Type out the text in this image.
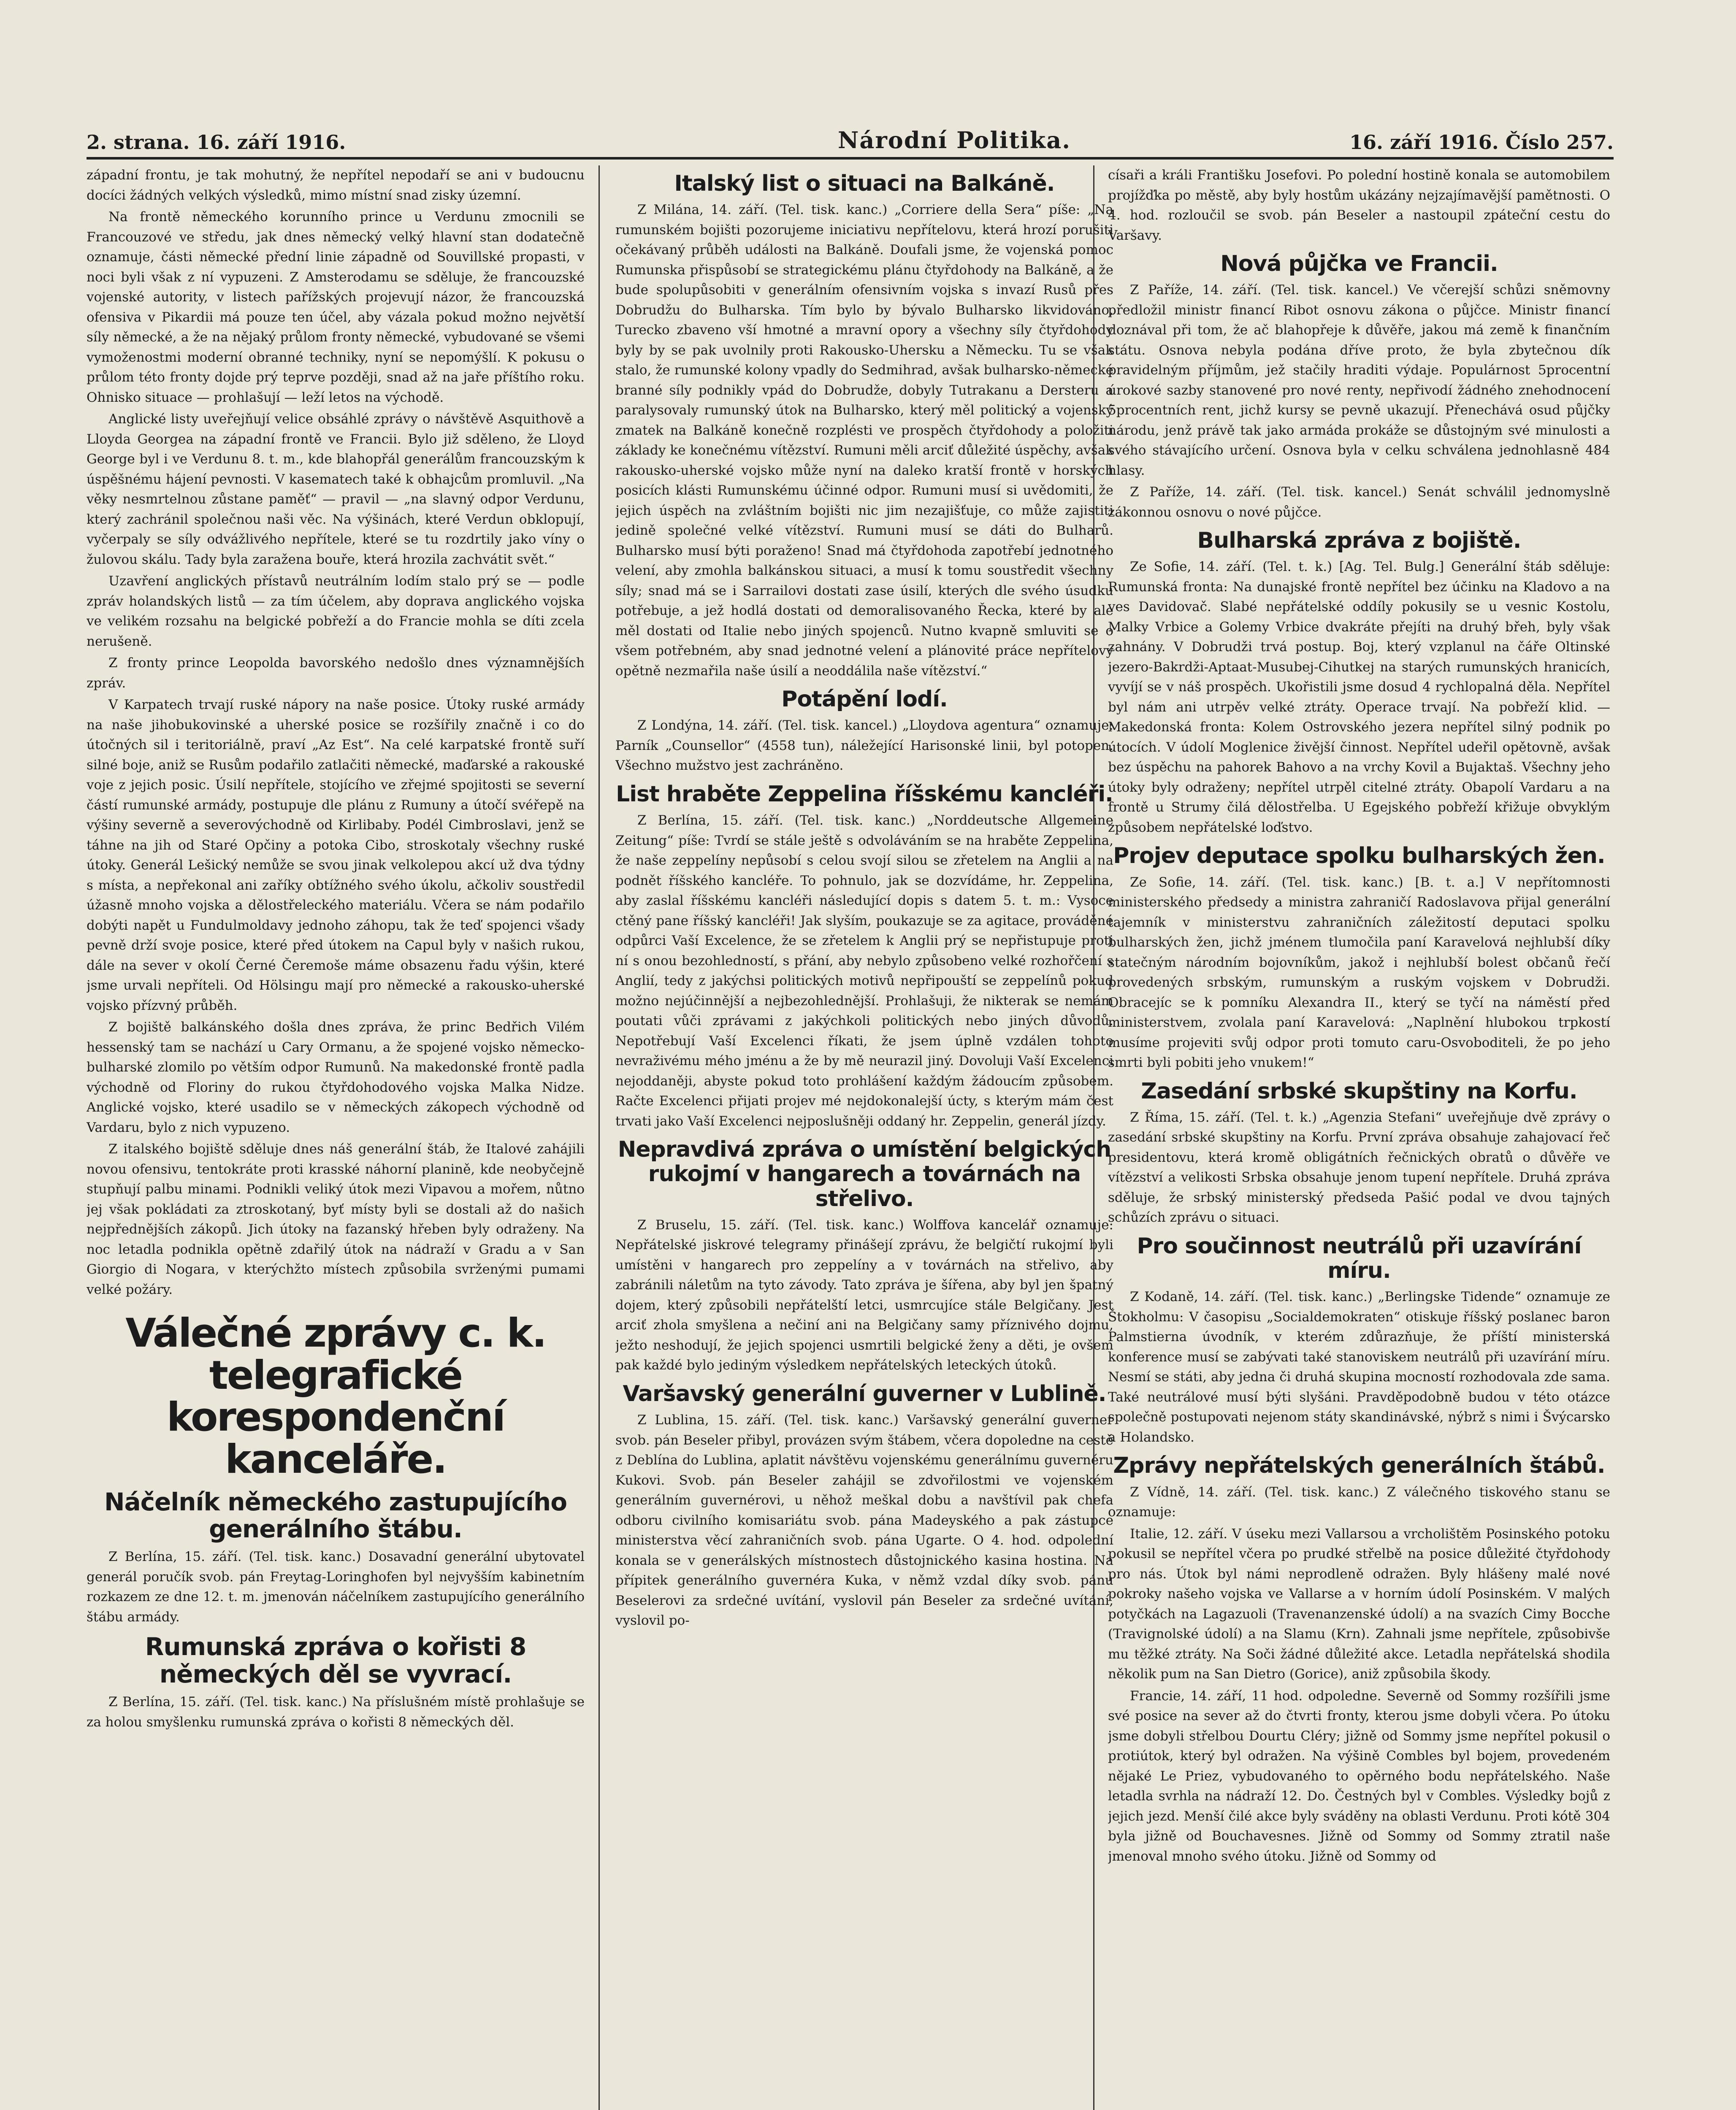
2. strana. 16. září 1916.	Národní Politika.	16. září 1916. Číslo 257.

západní frontu, je tak mohutný, že nepřítel nepodaří se ani v budoucnu docíci žádných velkých výsledků, mimo místní snad zisky územní.

Na frontě německého korunního prince u Verdunu zmocnili se Francouzové ve středu, jak dnes německý velký hlavní stan dodatečně oznamuje, části německé přední linie západně od Souvillské propasti, v noci byli však z ní vypuzeni. Z Amsterodamu se sděluje, že francouzské vojenské autority, v listech pařížských projevují názor, že francouzská ofensiva v Pikardii má pouze ten účel, aby vázala pokud možno největší síly německé, a že na nějaký průlom fronty německé, vybudované se všemi vymoženostmi moderní obranné techniky, nyní se nepomýšlí. K pokusu o průlom této fronty dojde prý teprve později, snad až na jaře příštího roku. Ohnisko situace — prohlašují — leží letos na východě.

Anglické listy uveřejňují velice obsáhlé zprávy o návštěvě Asquithově a Lloyda Georgea na západní frontě ve Francii. Bylo již sděleno, že Lloyd George byl i ve Verdunu 8. t. m., kde blahopřál generálům francouzským k úspěšnému hájení pevnosti. V kasematech také k obhajcům promluvil. „Na věky nesmrtelnou zůstane paměť“ — pravil — „na slavný odpor Verdunu, který zachránil společnou naši věc. Na výšinách, které Verdun obklopují, vyčerpaly se síly odvážlivého nepřítele, které se tu rozdrtily jako víny o žulovou skálu. Tady byla zaražena bouře, která hrozila zachvátit svět.“

Uzavření anglických přístavů neutrálním lodím stalo prý se — podle zpráv holandských listů — za tím účelem, aby doprava anglického vojska ve velikém rozsahu na belgické pobřeží a do Francie mohla se díti zcela nerušeně.

Z fronty prince Leopolda bavorského nedošlo dnes významnějších zpráv.

V Karpatech trvají ruské nápory na naše posice. Útoky ruské armády na naše jihobukovinské a uherské posice se rozšířily značně i co do útočných sil i teritoriálně, praví „Az Est“. Na celé karpatské frontě suří silné boje, aniž se Rusům podařilo zatlačiti německé, maďarské a rakouské voje z jejich posic. Úsilí nepřítele, stojícího ve zřejmé spojitosti se severní částí rumunské armády, postupuje dle plánu z Rumuny a útočí svéřepě na výšiny severně a severovýchodně od Kirlibaby. Podél Cimbroslavi, jenž se táhne na jih od Staré Opčiny a potoka Cibo, stroskotaly všechny ruské útoky. Generál Lešický nemůže se svou jinak velkolepou akcí už dva týdny s místa, a nepřekonal ani zaříky obtížného svého úkolu, ačkoliv soustředil úžasně mnoho vojska a dělostřeleckého materiálu. Včera se nám podařilo dobýti napět u Fundulmoldavy jednoho záhopu, tak že teď spojenci všady pevně drží svoje posice, které před útokem na Capul byly v našich rukou, dále na sever v okolí Černé Čeremoše máme obsazenu řadu výšin, které jsme urvali nepříteli. Od Hölsingu mají pro německé a rakousko-uherské vojsko přízvný průběh.

Z bojiště balkánského došla dnes zpráva, že princ Bedřich Vilém hessenský tam se nachází u Cary Ormanu, a že spojené vojsko německo-bulharské zlomilo po větším odpor Rumunů. Na makedonské frontě padla východně od Floriny do rukou čtyřdohodového vojska Malka Nidze. Anglické vojsko, které usadilo se v německých zákopech východně od Vardaru, bylo z nich vypuzeno.

Z italského bojiště sděluje dnes náš generální štáb, že Italové zahájili novou ofensivu, tentokráte proti krasské náhorní planině, kde neobyčejně stupňují palbu minami. Podnikli veliký útok mezi Vipavou a mořem, nůtno jej však pokládati za ztroskotaný, byť místy byli se dostali až do našich nejpřednějších zákopů. Jich útoky na fazanský hřeben byly odraženy. Na noc letadla podnikla opětně zdařilý útok na nádraží v Gradu a v San Giorgio di Nogara, v kterýchžto místech způsobila svrženými pumami velké požáry.

Válečné zprávy c. k. telegrafické korespondenční kanceláře.
Náčelník německého zastupujícího generálního štábu.

Z Berlína, 15. září. (Tel. tisk. kanc.) Dosavadní generální ubytovatel generál poručík svob. pán Freytag-Loringhofen byl nejvyšším kabinetním rozkazem ze dne 12. t. m. jmenován náčelníkem zastupujícího generálního štábu armády.

Rumunská zpráva o kořisti 8 německých děl se vyvrací.

Z Berlína, 15. září. (Tel. tisk. kanc.) Na příslušném místě prohlašuje se za holou smyšlenku rumunská zpráva o kořisti 8 německých děl.

Italský list o situaci na Balkáně.

Z Milána, 14. září. (Tel. tisk. kanc.) „Corriere della Sera“ píše: „Na rumunském bojišti pozorujeme iniciativu nepřítelovu, která hrozí porušiti očekávaný průběh události na Balkáně. Doufali jsme, že vojenská pomoc Rumunska přispůsobí se strategickému plánu čtyřdohody na Balkáně, a že bude spolupůsobiti v generálním ofensivním vojska s invazí Rusů přes Dobrudžu do Bulharska. Tím bylo by bývalo Bulharsko likvidováno, Turecko zbaveno vší hmotné a mravní opory a všechny síly čtyřdohody byly by se pak uvolnily proti Rakousko-Uhersku a Německu. Tu se však stalo, že rumunské kolony vpadly do Sedmihrad, avšak bulharsko-německé branné síly podnikly vpád do Dobrudže, dobyly Tutrakanu a Dersteru a paralysovaly rumunský útok na Bulharsko, který měl politický a vojenský zmatek na Balkáně konečně rozplésti ve prospěch čtyřdohody a položiti základy ke konečnému vítězství. Rumuni měli arciť důležité úspěchy, avšak rakousko-uherské vojsko může nyní na daleko kratší frontě v horských posicích klásti Rumunskému účinné odpor. Rumuni musí si uvědomiti, že jejich úspěch na zvláštním bojišti nic jim nezajišťuje, co může zajistiti jedině společné velké vítězství. Rumuni musí se dáti do Bulharů. Bulharsko musí býti poraženo! Snad má čtyřdohoda zapotřebí jednotného velení, aby zmohla balkánskou situaci, a musí k tomu soustředit všechny síly; snad má se i Sarrailovi dostati zase úsilí, kterých dle svého úsudku potřebuje, a jež hodlá dostati od demoralisovaného Řecka, které by ale měl dostati od Italie nebo jiných spojenců. Nutno kvapně smluviti se o všem potřebném, aby snad jednotné velení a plánovité práce nepřítelovy opětně nezmařila naše úsilí a neoddálila naše vítězství.“

Potápění lodí.

Z Londýna, 14. září. (Tel. tisk. kancel.) „Lloydova agentura“ oznamuje: Parník „Counsellor“ (4558 tun), náležející Harisonské linii, byl potopen. Všechno mužstvo jest zachráněno.

List hraběte Zeppelina říšskému kancléři.

Z Berlína, 15. září. (Tel. tisk. kanc.) „Norddeutsche Allgemeine Zeitung“ píše: Tvrdí se stále ještě s odvoláváním se na hraběte Zeppelina, že naše zeppelíny nepůsobí s celou svojí silou se zřetelem na Anglii a na podnět říšského kancléře. To pohnulo, jak se dozvídáme, hr. Zeppelina, aby zaslal říšskému kancléři následující dopis s datem 5. t. m.: Vysoce ctěný pane říšský kancléři! Jak slyším, poukazuje se za agitace, prováděné odpůrci Vaší Excelence, že se zřetelem k Anglii prý se nepřistupuje proti ní s onou bezohledností, s přání, aby nebylo způsobeno velké rozhořčení s Anglií, tedy z jakýchsi politických motivů nepřipouští se zeppelínů pokud možno nejúčinnější a nejbezohlednější. Prohlašuji, že nikterak se nemám poutati vůči zprávami z jakýchkoli politických nebo jiných důvodů. Nepotřebují Vaší Excelenci říkati, že jsem úplně vzdálen tohoto nevraživému mého jménu a že by mě neurazil jiný. Dovoluji Vaší Excelenci nejoddaněji, abyste pokud toto prohlášení každým žádoucím způsobem. Račte Excelenci přijati projev mé nejdokonalejší úcty, s kterým mám čest trvati jako Vaší Excelenci nejposlušněji oddaný hr. Zeppelin, generál jízdy.

Nepravdivá zpráva o umístění belgických rukojmí v hangarech a továrnách na střelivo.

Z Bruselu, 15. září. (Tel. tisk. kanc.) Wolffova kancelář oznamuje: Nepřátelské jiskrové telegramy přinášejí zprávu, že belgičtí rukojmí byli umístěni v hangarech pro zeppelíny a v továrnách na střelivo, aby zabránili náletům na tyto závody. Tato zpráva je šířena, aby byl jen špatný dojem, který způsobili nepřátelští letci, usmrcujíce stále Belgičany. Jest arciť zhola smyšlena a nečiní ani na Belgičany samy příznivého dojmu, ježto neshodují, že jejich spojenci usmrtili belgické ženy a děti, je ovšem pak každé bylo jediným výsledkem nepřátelských leteckých útoků.

Varšavský generální guverner v Lublině.

Z Lublina, 15. září. (Tel. tisk. kanc.) Varšavský generální guverner svob. pán Beseler přibyl, provázen svým štábem, včera dopoledne na cestě z Deblína do Lublina, aplatit návštěvu vojenskému generálnímu guvernéru Kukovi. Svob. pán Beseler zahájil se zdvořilostmi ve vojenském generálním guvernérovi, u něhož meškal dobu a navštívil pak chefa odboru civilního komisariátu svob. pána Madeyského a pak zástupce ministerstva věcí zahraničních svob. pána Ugarte. O 4. hod. odpolední konala se v generálských místnostech důstojnického kasina hostina. Na přípitek generálního guvernéra Kuka, v němž vzdal díky svob. pánu Beselerovi za srdečné uvítání, vyslovil pán Beseler za srdečné uvítání, vyslovil po-

císaři a králi Františku Josefovi. Po polední hostině konala se automobilem projížďka po městě, aby byly hostům ukázány nejzajímavější pamětnosti. O 4. hod. rozloučil se svob. pán Beseler a nastoupil zpáteční cestu do Varšavy.

Nová půjčka ve Francii.

Z Paříže, 14. září. (Tel. tisk. kancel.) Ve včerejší schůzi sněmovny předložil ministr financí Ribot osnovu zákona o půjčce. Ministr financí doznával při tom, že ač blahopřeje k důvěře, jakou má země k finančním státu. Osnova nebyla podána dříve proto, že byla zbytečnou dík pravidelným příjmům, jež stačily hraditi výdaje. Populárnost 5procentní úrokové sazby stanovené pro nové renty, nepřivodí žádného znehodnocení 5procentních rent, jichž kursy se pevně ukazují. Přenechává osud půjčky národu, jenž právě tak jako armáda prokáže se důstojným své minulosti a svého stávajícího určení. Osnova byla v celku schválena jednohlasně 484 hlasy.

Z Paříže, 14. září. (Tel. tisk. kancel.) Senát schválil jednomyslně zákonnou osnovu o nové půjčce.

Bulharská zpráva z bojiště.

Ze Sofie, 14. září. (Tel. t. k.) [Ag. Tel. Bulg.] Generální štáb sděluje: Rumunská fronta: Na dunajské frontě nepřítel bez účinku na Kladovo a na ves Davidovač. Slabé nepřátelské oddíly pokusily se u vesnic Kostolu, Malky Vrbice a Golemy Vrbice dvakráte přejíti na druhý břeh, byly však zahnány. V Dobrudži trvá postup. Boj, který vzplanul na čáře Oltinské jezero-Bakrdži-Aptaat-Musubej-Cihutkej na starých rumunských hranicích, vyvíjí se v náš prospěch. Ukořistili jsme dosud 4 rychlopalná děla. Nepřítel byl nám ani utrpěv velké ztráty. Operace trvají. Na pobřeží klid. — Makedonská fronta: Kolem Ostrovského jezera nepřítel silný podnik po útocích. V údolí Moglenice živější činnost. Nepřítel udeřil opětovně, avšak bez úspěchu na pahorek Bahovo a na vrchy Kovil a Bujaktaš. Všechny jeho útoky byly odraženy; nepřítel utrpěl citelné ztráty. Obapolí Vardaru a na frontě u Strumy čilá dělostřelba. U Egejského pobřeží křižuje obvyklým způsobem nepřátelské loďstvo.

Projev deputace spolku bulharských žen.

Ze Sofie, 14. září. (Tel. tisk. kanc.) [B. t. a.] V nepřítomnosti ministerského předsedy a ministra zahraničí Radoslavova přijal generální tajemník v ministerstvu zahraničních záležitostí deputaci spolku bulharských žen, jichž jménem tlumočila paní Karavelová nejhlubší díky statečným národním bojovníkům, jakož i nejhlubší bolest občanů řečí provedených srbským, rumunským a ruským vojskem v Dobrudži. Obracejíc se k pomníku Alexandra II., který se tyčí na náměstí před ministerstvem, zvolala paní Karavelová: „Naplnění hlubokou trpkostí musíme projeviti svůj odpor proti tomuto caru-Osvoboditeli, že po jeho smrti byli pobiti jeho vnukem!“

Zasedání srbské skupštiny na Korfu.

Z Říma, 15. září. (Tel. t. k.) „Agenzia Stefani“ uveřejňuje dvě zprávy o zasedání srbské skupštiny na Korfu. První zpráva obsahuje zahajovací řeč presidentovu, která kromě obligátních řečnických obratů o důvěře ve vítězství a velikosti Srbska obsahuje jenom tupení nepřítele. Druhá zpráva sděluje, že srbský ministerský předseda Pašić podal ve dvou tajných schůzích zprávu o situaci.

Pro součinnost neutrálů při uzavírání míru.

Z Kodaně, 14. září. (Tel. tisk. kanc.) „Berlingske Tidende“ oznamuje ze Štokholmu: V časopisu „Socialdemokraten“ otiskuje říšský poslanec baron Palmstierna úvodník, v kterém zdůrazňuje, že příští ministerská konference musí se zabývati také stanoviskem neutrálů při uzavírání míru. Nesmí se státi, aby jedna či druhá skupina mocností rozhodovala zde sama. Také neutrálové musí býti slyšáni. Pravděpodobně budou v této otázce společně postupovati nejenom státy skandinávské, nýbrž s nimi i Švýcarsko a Holandsko.

Zprávy nepřátelských generálních štábů.

Z Vídně, 14. září. (Tel. tisk. kanc.) Z válečného tiskového stanu se oznamuje:

Italie, 12. září. V úseku mezi Vallarsou a vrcholištěm Posinského potoku pokusil se nepřítel včera po prudké střelbě na posice důležité čtyřdohody pro nás. Útok byl námi neprodleně odražen. Byly hlášeny malé nové pokroky našeho vojska ve Vallarse a v horním údolí Posinském. V malých potyčkách na Lagazuoli (Travenanzenské údolí) a na svazích Cimy Bocche (Travignolské údolí) a na Slamu (Krn). Zahnali jsme nepřítele, způsobivše mu těžké ztráty. Na Soči žádné důležité akce. Letadla nepřátelská shodila několik pum na San Dietro (Gorice), aniž způsobila škody.

Francie, 14. září, 11 hod. odpoledne. Severně od Sommy rozšířili jsme své posice na sever až do čtvrti fronty, kterou jsme dobyli včera. Po útoku jsme dobyli střelbou Dourtu Cléry; jižně od Sommy jsme nepřítel pokusil o protiútok, který byl odražen. Na výšině Combles byl bojem, provedeném nějaké Le Priez, vybudovaného to opěrného bodu nepřátelského. Naše letadla svrhla na nádraží 12. Do. Čestných byl v Combles. Výsledky bojů z jejich jezd. Menší čilé akce byly sváděny na oblasti Verdunu. Proti kótě 304 byla jižně od Bouchavesnes. Jižně od Sommy od Sommy ztratil naše jmenoval mnoho svého útoku. Jižně od Sommy od
